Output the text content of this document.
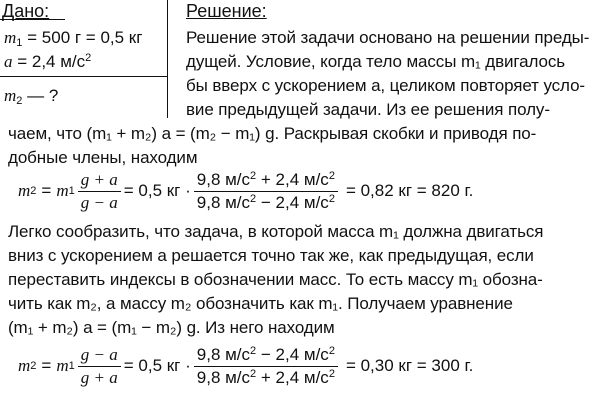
Дано:
$m_1 = 500$ г = 0,5 кг
a = 2,4 $м/с^2$
$m_2$ — ?
Решение:
Решение этой задачи основано на решении преды-
дущей. Условие, когда тело массы m₁ двигалось
бы вверх с ускорением a, целиком повторяет усло-
вие предыдущей задачи. Из ее решения полу-
чаем, что (m₁ + m₂) a = (m₂ − m₁) g. Раскрывая скобки и приводя по-
добные члены, находим
m 2 = m $1 \frac{g + a}{g - a} = 0,5$ кг · $\frac{9,8 м/с^2 + 2,4 м/с^2}{9,8 м/с^2 - 2,4 м/с^2} = 0,82$ кг = 820 г.
Легко сообразить, что задача, в которой масса m₁ должна двигаться
вниз с ускорением a решается точно так же, как предыдущая, если
переставить индексы в обозначении масс. То есть массу m₁ обозна-
чить как m₂, а массу m₂ обозначить как m₁. Получаем уравнение
(m₁ + m₂) a = (m₁ − m₂) g. Из него находим
m 2 = m $1 \frac{g - a}{g + a} = 0,5$ кг · $\frac{9,8 м/с^2 - 2,4 м/с^2}{9,8 м/с^2 + 2,4 м/с^2} = 0,30$ кг = 300 г.
